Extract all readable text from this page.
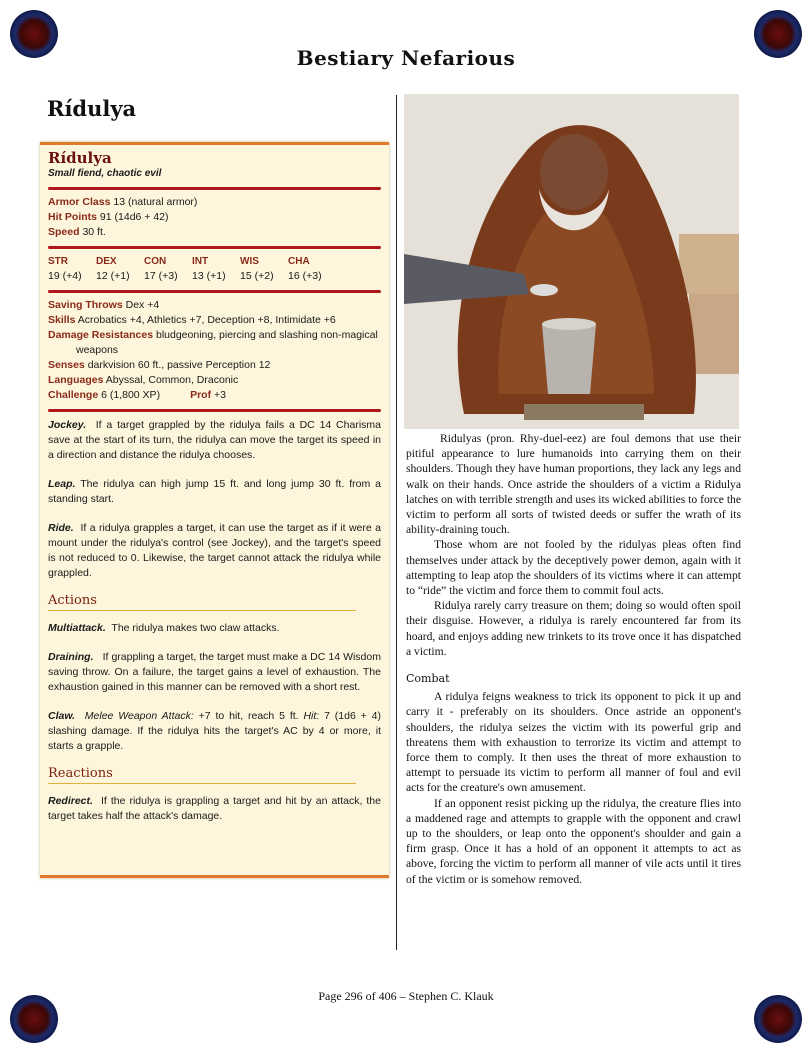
Bestiary Nefarious
Rídulya
Rídulya
Small fiend, chaotic evil
Armor Class 13 (natural armor)
Hit Points 91 (14d6 + 42)
Speed 30 ft.
STR
19 (+4)
DEX
12 (+1)
CON
17 (+3)
INT
13 (+1)
WIS
15 (+2)
CHA
16 (+3)
Saving Throws Dex +4
Skills Acrobatics +4, Athletics +7, Deception +8, Intimidate +6
Damage Resistances bludgeoning, piercing and slashing non-magical weapons
Senses darkvision 60 ft., passive Perception 12
Languages Abyssal, Common, Draconic
Challenge 6 (1,800 XP)	Prof +3
Jockey. If a target grappled by the ridulya fails a DC 14 Charisma save at the start of its turn, the ridulya can move the target its speed in a direction and distance the ridulya chooses.
Leap. The ridulya can high jump 15 ft. and long jump 30 ft. from a standing start.
Ride. If a ridulya grapples a target, it can use the target as if it were a mount under the ridulya's control (see Jockey), and the target's speed is not reduced to 0. Likewise, the target cannot attack the ridulya while grappled.
Actions
Multiattack. The ridulya makes two claw attacks.
Draining. If grappling a target, the target must make a DC 14 Wisdom saving throw. On a failure, the target gains a level of exhaustion. The exhaustion gained in this manner can be removed with a short rest.
Claw. Melee Weapon Attack: +7 to hit, reach 5 ft. Hit: 7 (1d6 + 4) slashing damage. If the ridulya hits the target's AC by 4 or more, it starts a grapple.
Reactions
Redirect. If the ridulya is grappling a target and hit by an attack, the target takes half the attack's damage.

Ridulyas (pron. Rhy-duel-eez) are foul demons that use their pitiful appearance to lure humanoids into carrying them on their shoulders. Though they have human proportions, they lack any legs and walk on their hands. Once astride the shoulders of a victim a Ridulya latches on with terrible strength and uses its wicked abilities to force the victim to perform all sorts of twisted deeds or suffer the wrath of its ability-draining touch.

Those whom are not fooled by the ridulyas pleas often find themselves under attack by the deceptively power demon, again with it attempting to leap atop the shoulders of its victims where it can attempt to “ride” the victim and force them to commit foul acts.

Ridulya rarely carry treasure on them; doing so would often spoil their disguise. However, a ridulya is rarely encountered far from its hoard, and enjoys adding new trinkets to its trove once it has dispatched a victim.

Combat

A ridulya feigns weakness to trick its opponent to pick it up and carry it - preferably on its shoulders. Once astride an opponent's shoulders, the ridulya seizes the victim with its powerful grip and threatens them with exhaustion to terrorize its victim and attempt to force them to comply. It then uses the threat of more exhaustion to attempt to persuade its victim to perform all manner of foul and evil acts for the creature's own amusement.

If an opponent resist picking up the ridulya, the creature flies into a maddened rage and attempts to grapple with the opponent and crawl up to the shoulders, or leap onto the opponent's shoulder and gain a firm grasp. Once it has a hold of an opponent it attempts to act as above, forcing the victim to perform all manner of vile acts until it tires of the victim or is somehow removed.

Page 296 of 406 – Stephen C. Klauk
